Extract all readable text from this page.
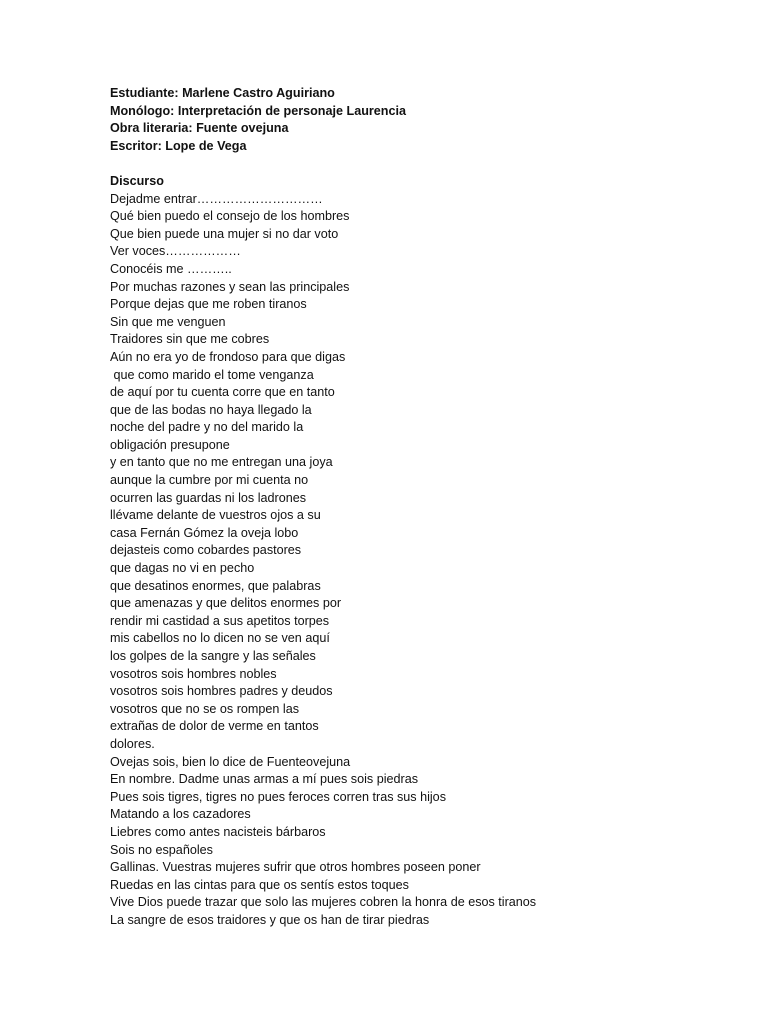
Estudiante: Marlene Castro Aguiriano
Monólogo: Interpretación de personaje Laurencia
Obra literaria: Fuente ovejuna
Escritor: Lope de Vega
Discurso
Dejadme entrar…………………………
Qué bien puedo el consejo de los hombres
Que bien puede una mujer si no dar voto
Ver voces………………
Conocéis me ………..
Por muchas razones y sean las principales
Porque dejas que me roben tiranos
Sin que me venguen
Traidores sin que me cobres
Aún no era yo de frondoso para que digas
que como marido el tome venganza
de aquí por tu cuenta corre que en tanto
que de las bodas no haya llegado la
noche del padre y no del marido la
obligación presupone
y en tanto que no me entregan una joya
aunque la cumbre por mi cuenta no
ocurren las guardas ni los ladrones
llévame delante de vuestros ojos a su
casa Fernán Gómez la oveja lobo
dejasteis como cobardes pastores
que dagas no vi en pecho
que desatinos enormes, que palabras
que amenazas y que delitos enormes por
rendir mi castidad a sus apetitos torpes
mis cabellos no lo dicen no se ven aquí
los golpes de la sangre y las señales
vosotros sois hombres nobles
vosotros sois hombres padres y deudos
vosotros que no se os rompen las
extrañas de dolor de verme en tantos
dolores.
Ovejas sois, bien lo dice de Fuenteovejuna
En nombre. Dadme unas armas a mí pues sois piedras
Pues sois tigres, tigres no pues feroces corren tras sus hijos
Matando a los cazadores
Liebres como antes nacisteis bárbaros
Sois no españoles
Gallinas. Vuestras mujeres sufrir que otros hombres poseen poner
Ruedas en las cintas para que os sentís estos toques
Vive Dios puede trazar que solo las mujeres cobren la honra de esos tiranos
La sangre de esos traidores y que os han de tirar piedras
